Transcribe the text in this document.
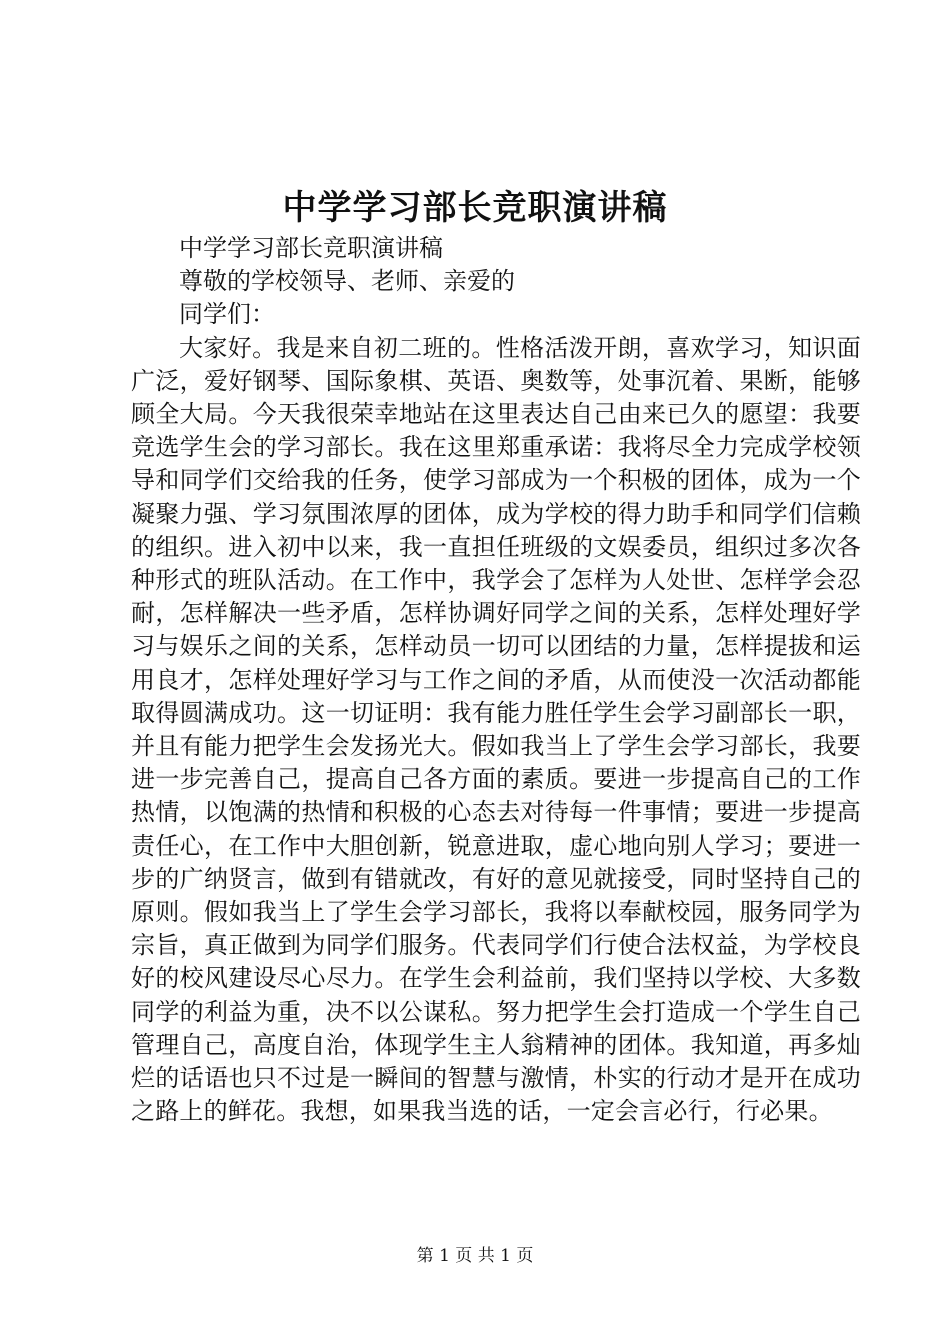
中学学习部长竞职演讲稿
中学学习部长竞职演讲稿
尊敬的学校领导、老师、亲爱的
同学们：
大家好。我是来自初二班的。性格活泼开朗，喜欢学习，知识面广泛，爱好钢琴、国际象棋、英语、奥数等，处事沉着、果断，能够顾全大局。今天我很荣幸地站在这里表达自己由来已久的愿望：我要竞选学生会的学习部长。我在这里郑重承诺：我将尽全力完成学校领导和同学们交给我的任务，使学习部成为一个积极的团体，成为一个凝聚力强、学习氛围浓厚的团体，成为学校的得力助手和同学们信赖的组织。进入初中以来，我一直担任班级的文娱委员，组织过多次各种形式的班队活动。在工作中，我学会了怎样为人处世、怎样学会忍耐，怎样解决一些矛盾，怎样协调好同学之间的关系，怎样处理好学习与娱乐之间的关系，怎样动员一切可以团结的力量，怎样提拔和运用良才，怎样处理好学习与工作之间的矛盾，从而使没一次活动都能取得圆满成功。这一切证明：我有能力胜任学生会学习副部长一职，并且有能力把学生会发扬光大。假如我当上了学生会学习部长，我要进一步完善自己，提高自己各方面的素质。要进一步提高自己的工作热情，以饱满的热情和积极的心态去对待每一件事情；要进一步提高责任心，在工作中大胆创新，锐意进取，虚心地向别人学习；要进一步的广纳贤言，做到有错就改，有好的意见就接受，同时坚持自己的原则。假如我当上了学生会学习部长，我将以奉献校园，服务同学为宗旨，真正做到为同学们服务。代表同学们行使合法权益，为学校良好的校风建设尽心尽力。在学生会利益前，我们坚持以学校、大多数同学的利益为重，决不以公谋私。努力把学生会打造成一个学生自己管理自己，高度自治，体现学生主人翁精神的团体。我知道，再多灿烂的话语也只不过是一瞬间的智慧与激情，朴实的行动才是开在成功之路上的鲜花。我想，如果我当选的话，一定会言必行，行必果。
第 1 页 共 1 页
